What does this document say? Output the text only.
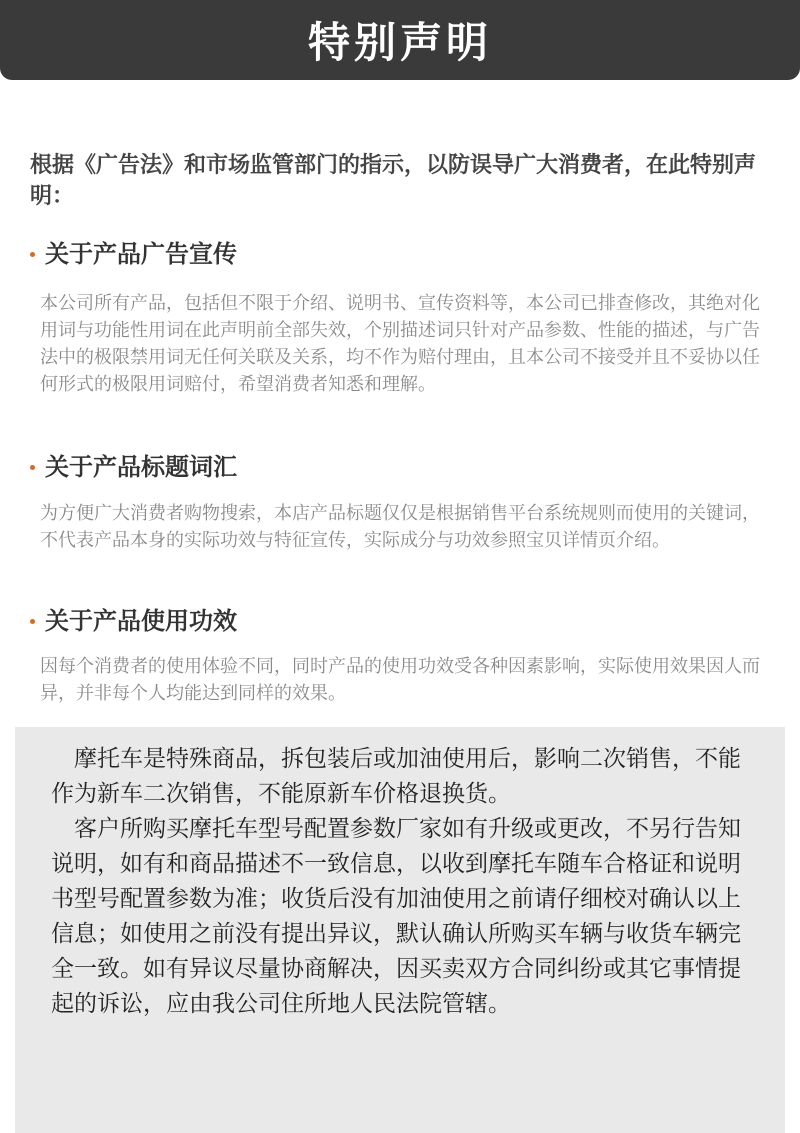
特别声明
根据《广告法》和市场监管部门的指示，以防误导广大消费者，在此特别声明：
关于产品广告宣传
本公司所有产品，包括但不限于介绍、说明书、宣传资料等，本公司已排查修改，其绝对化用词与功能性用词在此声明前全部失效，个别描述词只针对产品参数、性能的描述，与广告法中的极限禁用词无任何关联及关系，均不作为赔付理由，且本公司不接受并且不妥协以任何形式的极限用词赔付，希望消费者知悉和理解。
关于产品标题词汇
为方便广大消费者购物搜索，本店产品标题仅仅是根据销售平台系统规则而使用的关键词，不代表产品本身的实际功效与特征宣传，实际成分与功效参照宝贝详情页介绍。
关于产品使用功效
因每个消费者的使用体验不同，同时产品的使用功效受各种因素影响，实际使用效果因人而异，并非每个人均能达到同样的效果。

摩托车是特殊商品，拆包装后或加油使用后，影响二次销售，不能作为新车二次销售，不能原新车价格退换货。

客户所购买摩托车型号配置参数厂家如有升级或更改，不另行告知说明，如有和商品描述不一致信息，以收到摩托车随车合格证和说明书型号配置参数为准；收货后没有加油使用之前请仔细校对确认以上信息；如使用之前没有提出异议，默认确认所购买车辆与收货车辆完全一致。如有异议尽量协商解决，因买卖双方合同纠纷或其它事情提起的诉讼，应由我公司住所地人民法院管辖。
